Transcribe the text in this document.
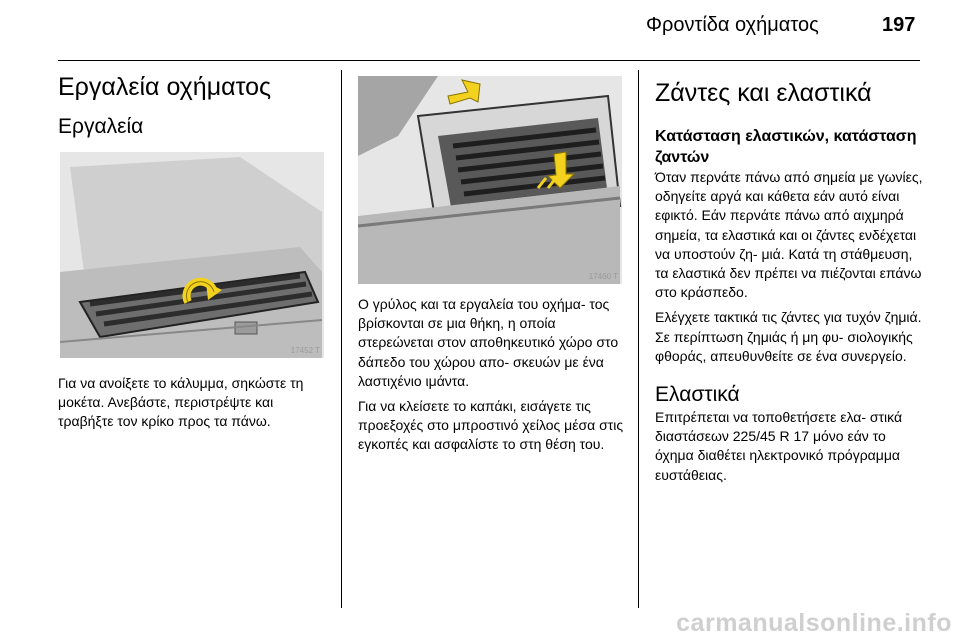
Φροντίδα οχήματος	197
Εργαλεία οχήματος
Εργαλεία
17452 T

Για να ανοίξετε το κάλυμμα, σηκώστε τη μοκέτα. Ανεβάστε, περιστρέψτε και τραβήξτε τον κρίκο προς τα πάνω.

17460 T

Ο γρύλος και τα εργαλεία του οχήμα- τος βρίσκονται σε μια θήκη, η οποία στερεώνεται στον αποθηκευτικό χώρο στο δάπεδο του χώρου απο- σκευών με ένα λαστιχένιο ιμάντα.

Για να κλείσετε το καπάκι, εισάγετε τις προεξοχές στο μπροστινό χείλος μέσα στις εγκοπές και ασφαλίστε το στη θέση του.

Ζάντες και ελαστικά
Κατάσταση ελαστικών, κατάσταση ζαντών

Όταν περνάτε πάνω από σημεία με γωνίες, οδηγείτε αργά και κάθετα εάν αυτό είναι εφικτό. Εάν περνάτε πάνω από αιχμηρά σημεία, τα ελαστικά και οι ζάντες ενδέχεται να υποστούν ζη- μιά. Κατά τη στάθμευση, τα ελαστικά δεν πρέπει να πιέζονται επάνω στο κράσπεδο.

Ελέγχετε τακτικά τις ζάντες για τυχόν ζημιά. Σε περίπτωση ζημιάς ή μη φυ- σιολογικής φθοράς, απευθυνθείτε σε ένα συνεργείο.

Ελαστικά

Επιτρέπεται να τοποθετήσετε ελα- στικά διαστάσεων 225/45 R 17 μόνο εάν το όχημα διαθέτει ηλεκτρονικό πρόγραμμα ευστάθειας.

carmanualsonline.info
